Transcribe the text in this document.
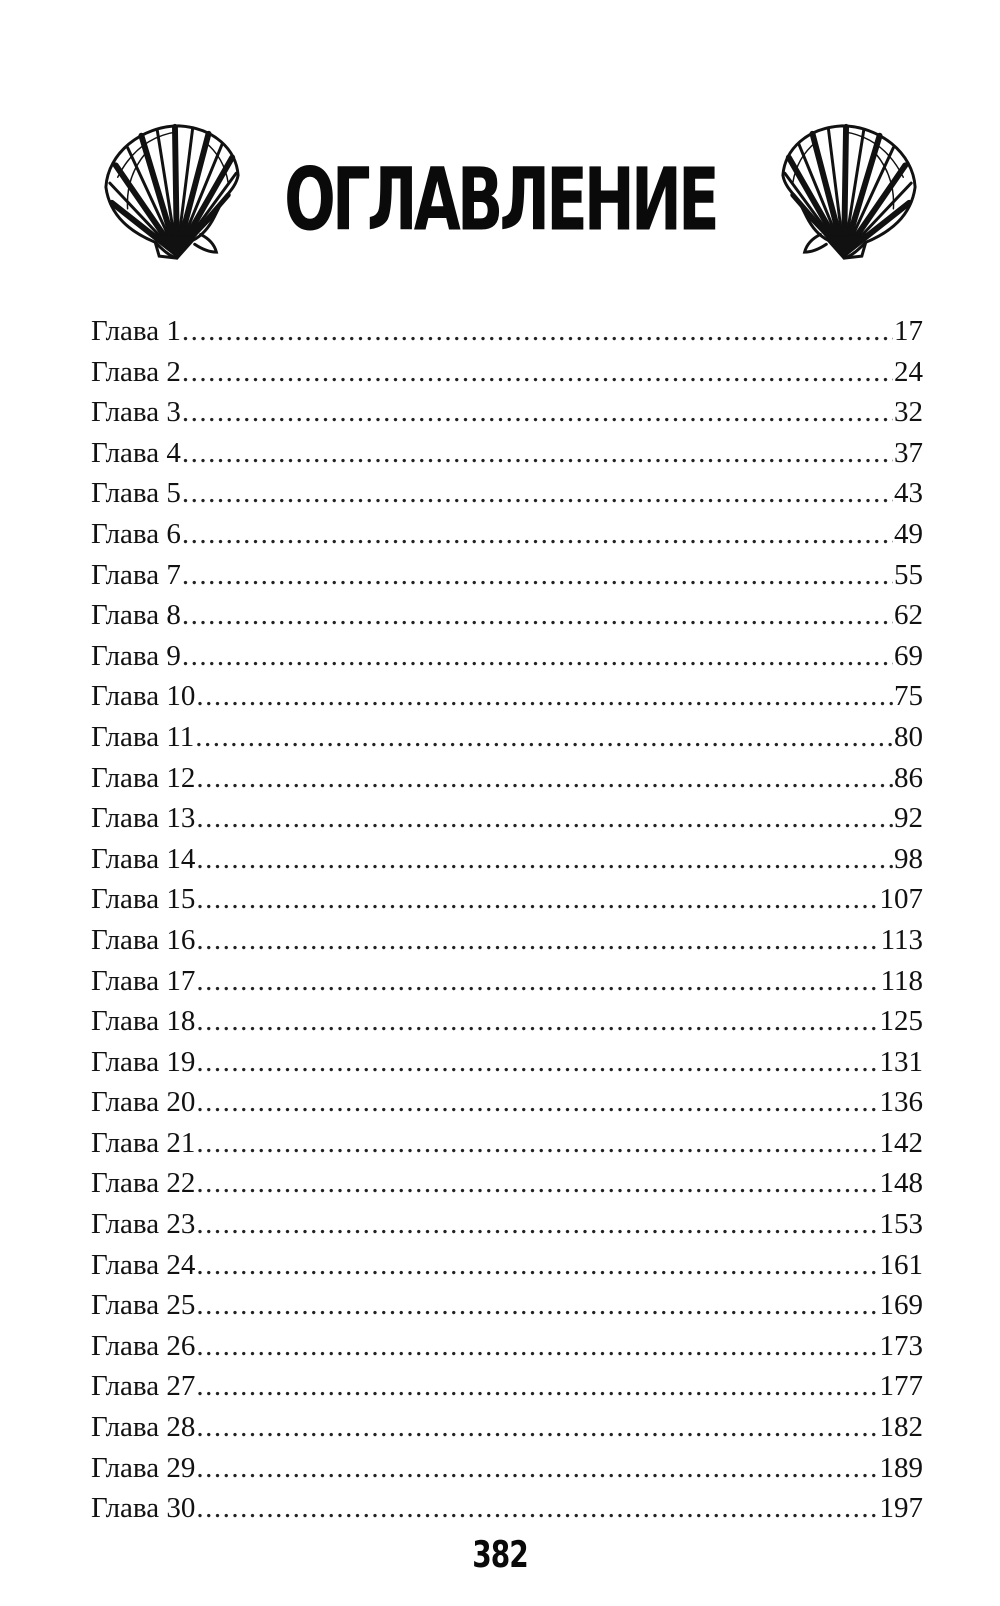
ОГЛАВЛЕНИЕ
Глава 1 .....	17
Глава 2 .....	24
Глава 3 .....	32
Глава 4 .....	37
Глава 5 .....	43
Глава 6 .....	49
Глава 7 .....	55
Глава 8 .....	62
Глава 9 .....	69
Глава 10 .....	75
Глава 11 .....	80
Глава 12 .....	86
Глава 13 .....	92
Глава 14 .....	98
Глава 15 .....	107
Глава 16 .....	113
Глава 17 .....	118
Глава 18 .....	125
Глава 19 .....	131
Глава 20 .....	136
Глава 21 .....	142
Глава 22 .....	148
Глава 23 .....	153
Глава 24 .....	161
Глава 25 .....	169
Глава 26 .....	173
Глава 27 .....	177
Глава 28 .....	182
Глава 29 .....	189
Глава 30 .....	197
382
